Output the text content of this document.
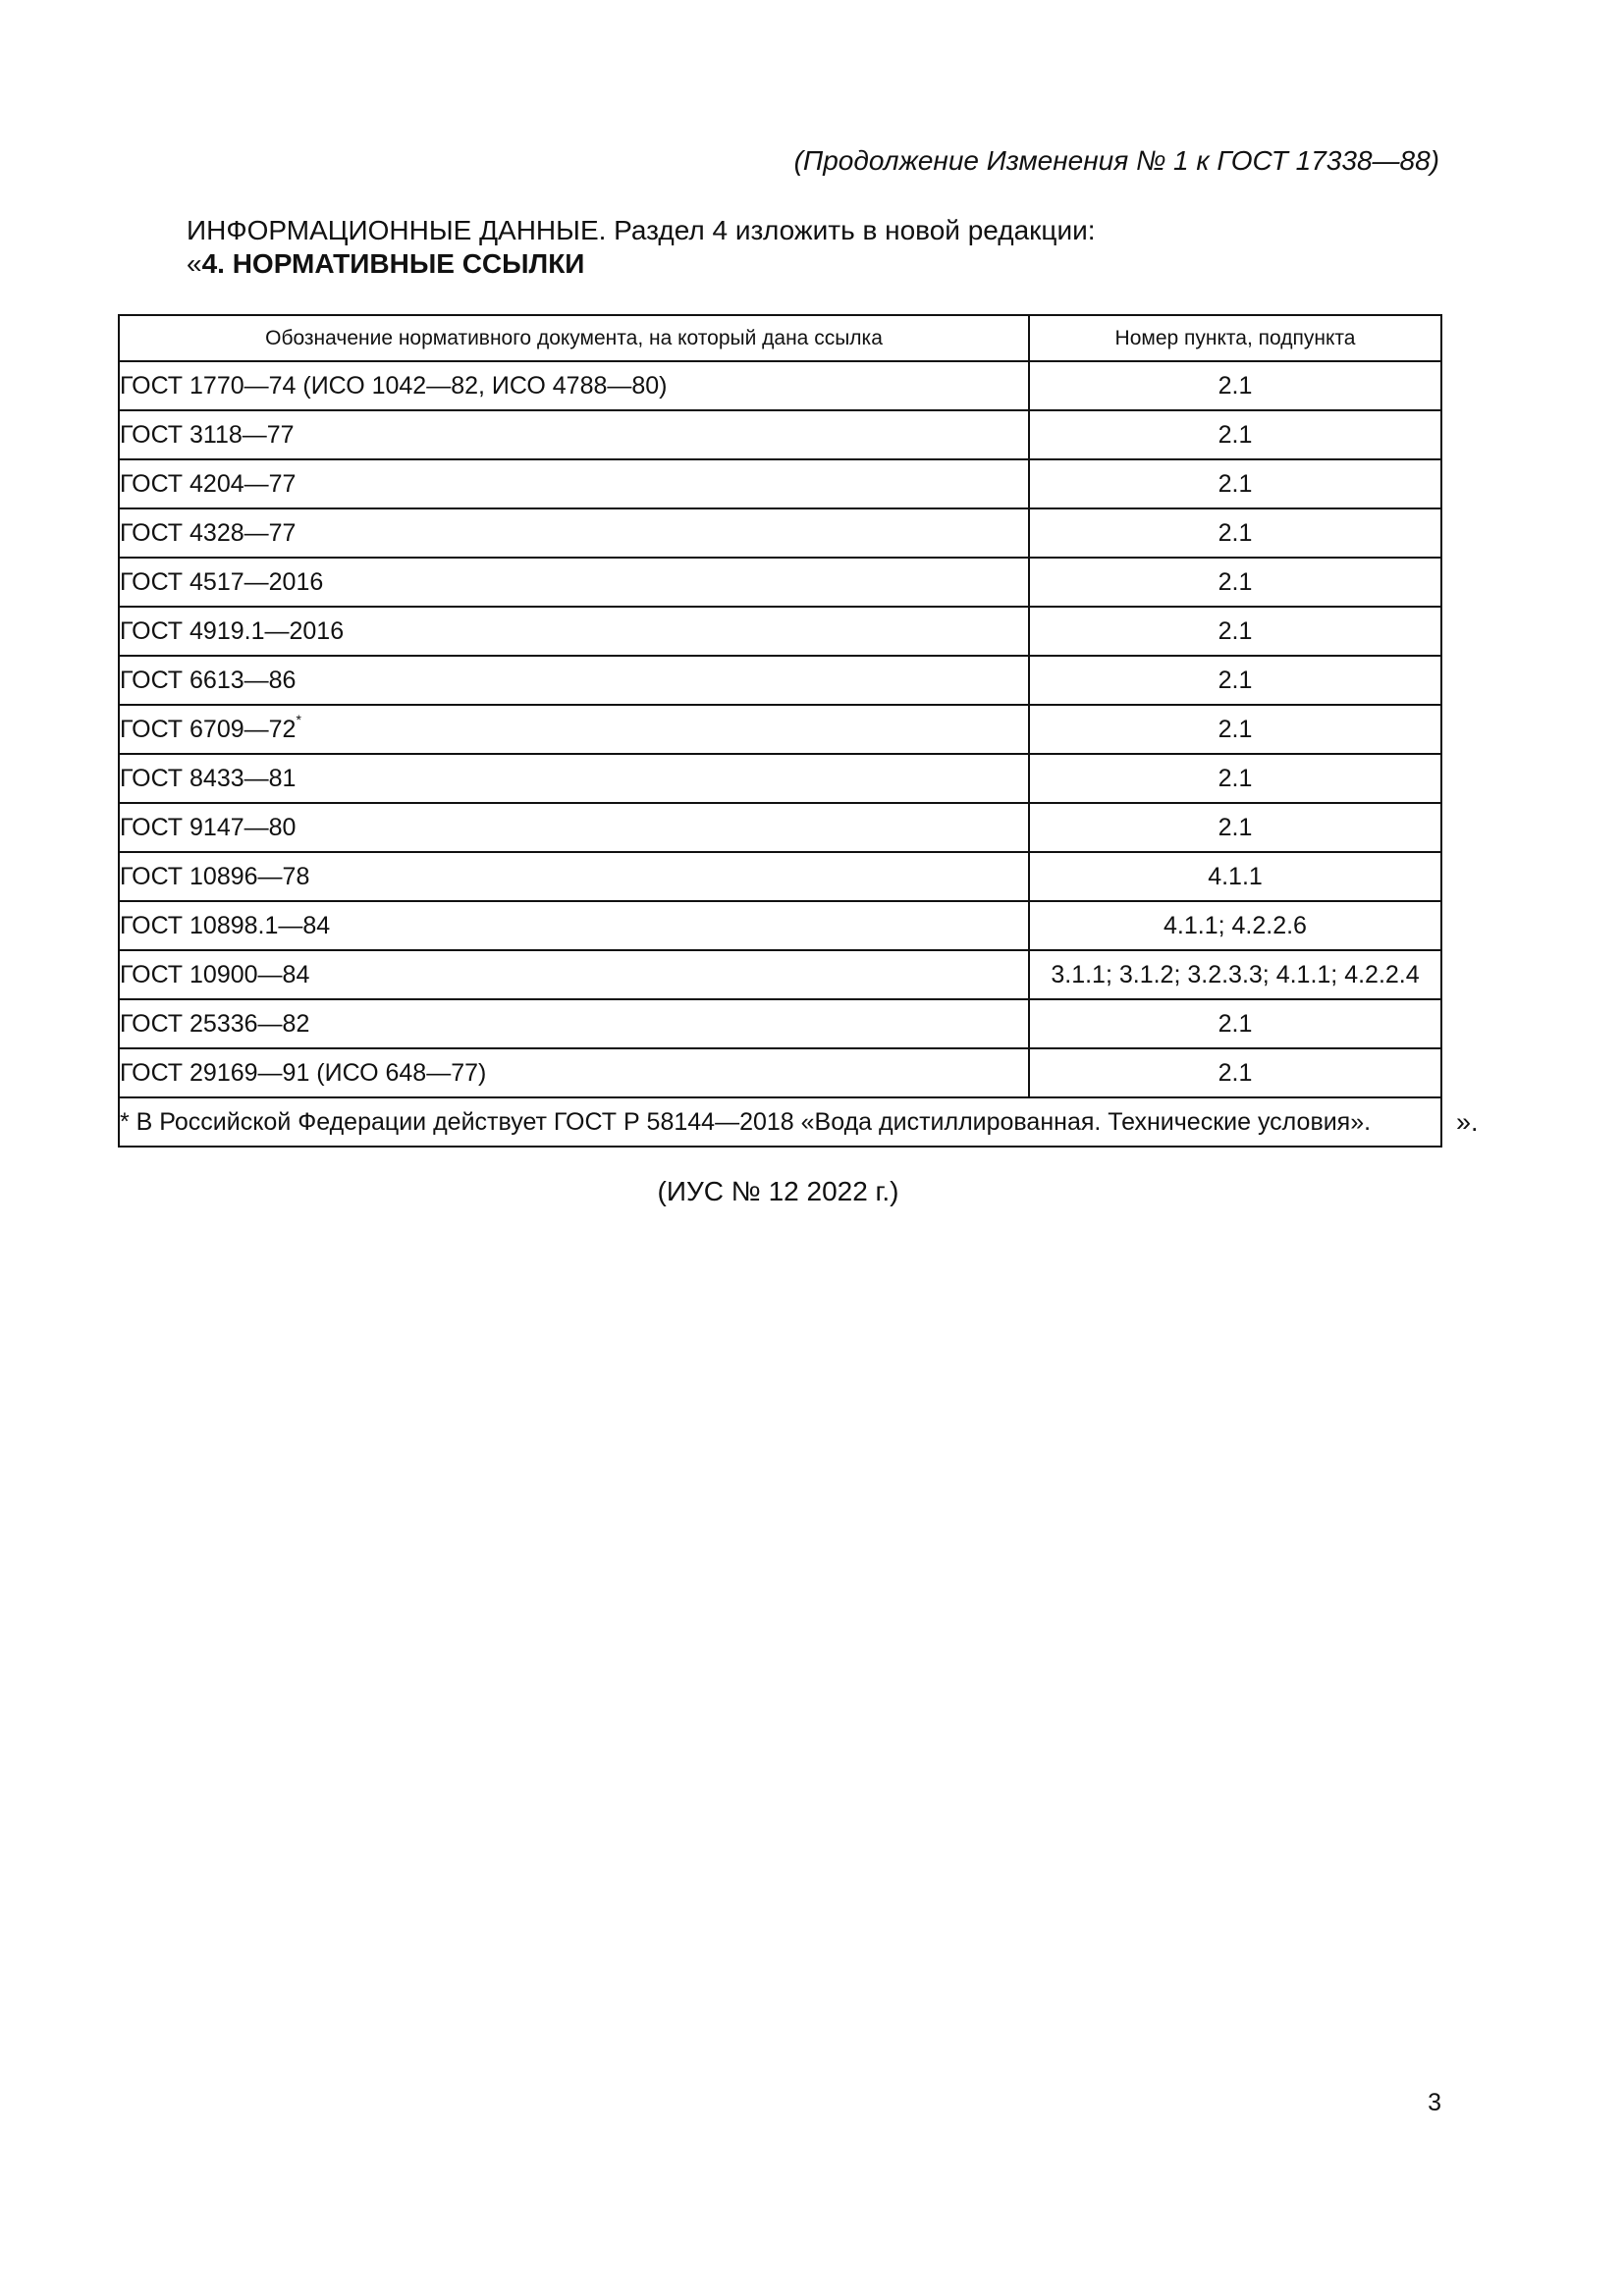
(Продолжение Изменения № 1 к ГОСТ 17338—88)
ИНФОРМАЦИОННЫЕ ДАННЫЕ. Раздел 4 изложить в новой редакции:
«4. НОРМАТИВНЫЕ ССЫЛКИ
Обозначение нормативного документа, на который дана ссылка	Номер пункта, подпункта
ГОСТ 1770—74 (ИСО 1042—82, ИСО 4788—80)	2.1
ГОСТ 3118—77	2.1
ГОСТ 4204—77	2.1
ГОСТ 4328—77	2.1
ГОСТ 4517—2016	2.1
ГОСТ 4919.1—2016	2.1
ГОСТ 6613—86	2.1
ГОСТ 6709—72*	2.1
ГОСТ 8433—81	2.1
ГОСТ 9147—80	2.1
ГОСТ 10896—78	4.1.1
ГОСТ 10898.1—84	4.1.1; 4.2.2.6
ГОСТ 10900—84	3.1.1; 3.1.2; 3.2.3.3; 4.1.1; 4.2.2.4
ГОСТ 25336—82	2.1
ГОСТ 29169—91 (ИСО 648—77)	2.1
* В Российской Федерации действует ГОСТ Р 58144—2018 «Вода дистиллированная. Технические условия».		».
(ИУС № 12 2022 г.)
3
